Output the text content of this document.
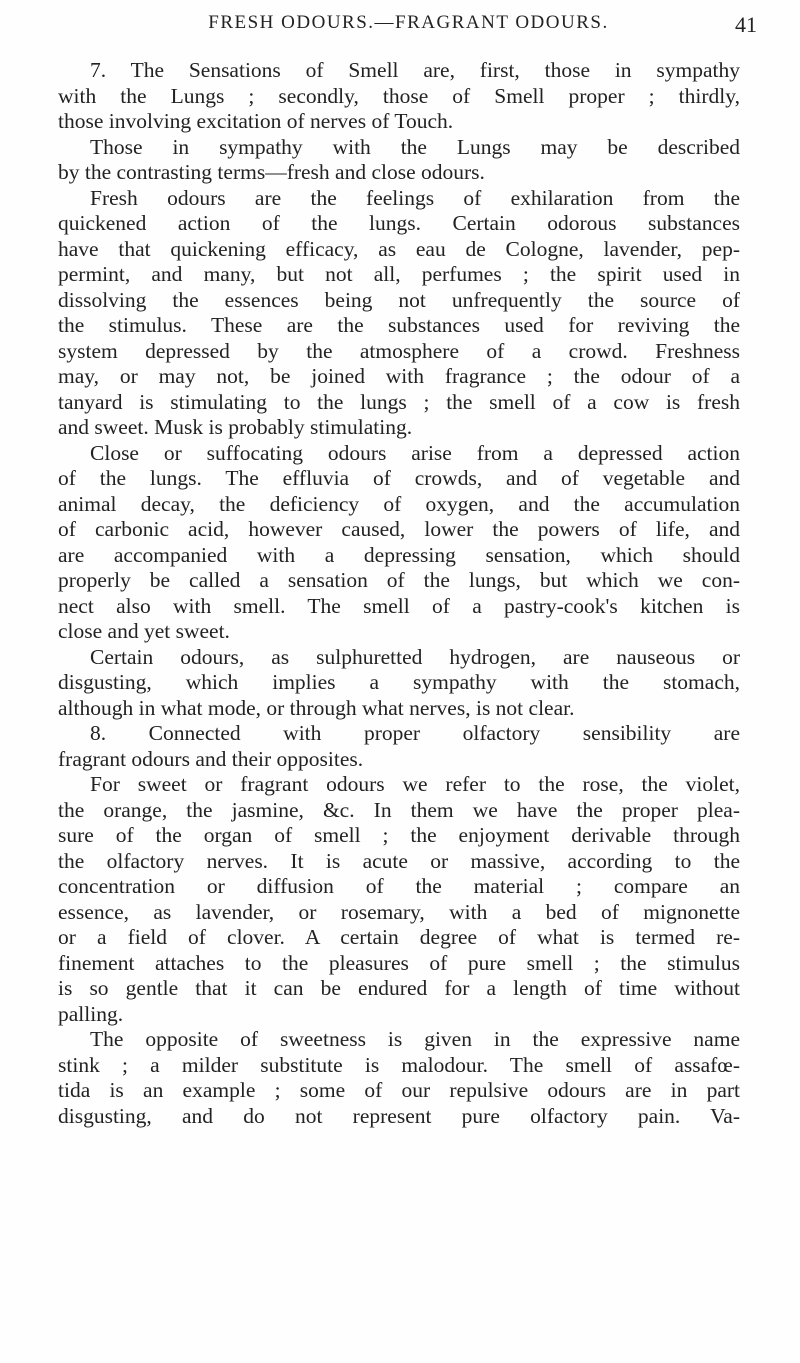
FRESH ODOURS.—FRAGRANT ODOURS.	41
7. The Sensations of Smell are, first, those in sympathy
with the Lungs ; secondly, those of Smell proper ; thirdly,
those involving excitation of nerves of Touch.
Those in sympathy with the Lungs may be described
by the contrasting terms—fresh and close odours.
Fresh odours are the feelings of exhilaration from the
quickened action of the lungs. Certain odorous substances
have that quickening efficacy, as eau de Cologne, lavender, pep-
permint, and many, but not all, perfumes ; the spirit used in
dissolving the essences being not unfrequently the source of
the stimulus. These are the substances used for reviving the
system depressed by the atmosphere of a crowd. Freshness
may, or may not, be joined with fragrance ; the odour of a
tanyard is stimulating to the lungs ; the smell of a cow is fresh
and sweet. Musk is probably stimulating.
Close or suffocating odours arise from a depressed action
of the lungs. The effluvia of crowds, and of vegetable and
animal decay, the deficiency of oxygen, and the accumulation
of carbonic acid, however caused, lower the powers of life, and
are accompanied with a depressing sensation, which should
properly be called a sensation of the lungs, but which we con-
nect also with smell. The smell of a pastry-cook's kitchen is
close and yet sweet.
Certain odours, as sulphuretted hydrogen, are nauseous or
disgusting, which implies a sympathy with the stomach,
although in what mode, or through what nerves, is not clear.
8. Connected with proper olfactory sensibility are
fragrant odours and their opposites.
For sweet or fragrant odours we refer to the rose, the violet,
the orange, the jasmine, &c. In them we have the proper plea-
sure of the organ of smell ; the enjoyment derivable through
the olfactory nerves. It is acute or massive, according to the
concentration or diffusion of the material ; compare an
essence, as lavender, or rosemary, with a bed of mignonette
or a field of clover. A certain degree of what is termed re-
finement attaches to the pleasures of pure smell ; the stimulus
is so gentle that it can be endured for a length of time without
palling.
The opposite of sweetness is given in the expressive name
stink ; a milder substitute is malodour. The smell of assafœ-
tida is an example ; some of our repulsive odours are in part
disgusting, and do not represent pure olfactory pain. Va-
